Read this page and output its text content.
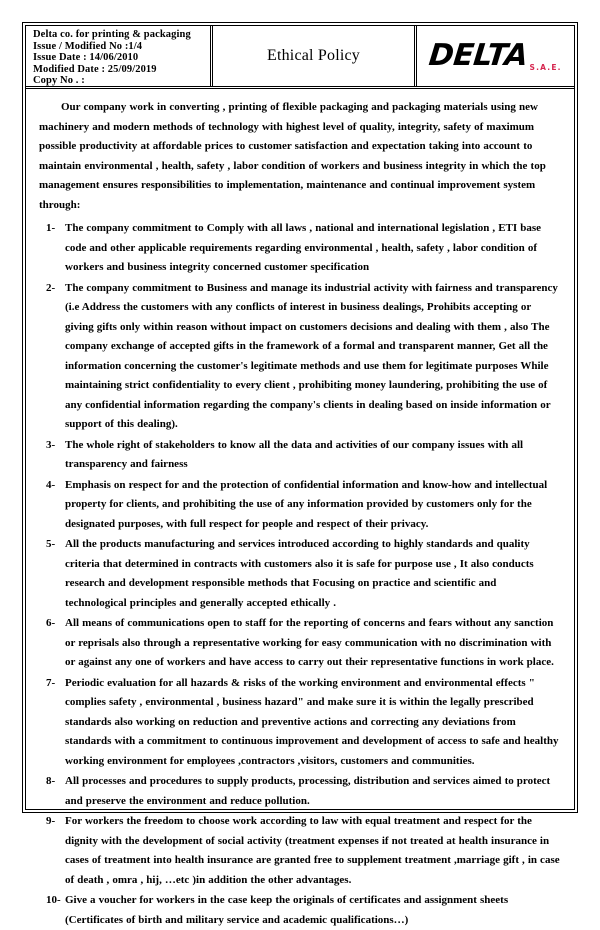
Delta co. for printing & packaging
Issue / Modified No :1/4
Issue Date : 14/06/2010
Modified Date : 25/09/2019
Copy No . :
Ethical Policy DELTA S.A.E.

Our company work in converting , printing of flexible packaging and packaging materials using new machinery and modern methods of technology with highest level of quality, integrity, safety of maximum possible productivity at affordable prices to customer satisfaction and expectation taking into account to maintain environmental , health, safety , labor condition of workers and business integrity in which the top management ensures responsibilities to implementation, maintenance and continual improvement system through:

1- The company commitment to Comply with all laws , national and international legislation , ETI base code and other applicable requirements regarding environmental , health, safety , labor condition of workers and business integrity concerned customer specification
2- The company commitment to Business and manage its industrial activity with fairness and transparency (i.e Address the customers with any conflicts of interest in business dealings, Prohibits accepting or giving gifts only within reason without impact on customers decisions and dealing with them , also The company exchange of accepted gifts in the framework of a formal and transparent manner, Get all the information concerning the customer's legitimate methods and use them for legitimate purposes While maintaining strict confidentiality to every client , prohibiting money laundering, prohibiting the use of any confidential information regarding the company's clients in dealing based on inside information or support of this dealing).
3- The whole right of stakeholders to know all the data and activities of our company issues with all transparency and fairness
4- Emphasis on respect for and the protection of confidential information and know-how and intellectual property for clients, and prohibiting the use of any information provided by customers only for the designated purposes, with full respect for people and respect of their privacy.
5- All the products manufacturing and services introduced according to highly standards and quality criteria that determined in contracts with customers also it is safe for purpose use , It also conducts research and development responsible methods that Focusing on practice and scientific and technological principles and generally accepted ethically .
6- All means of communications open to staff for the reporting of concerns and fears without any sanction or reprisals also through a representative working for easy communication with no discrimination with or against any one of workers and have access to carry out their representative functions in work place.
7- Periodic evaluation for all hazards & risks of the working environment and environmental effects " complies safety , environmental , business hazard" and make sure it is within the legally prescribed standards also working on reduction and preventive actions and correcting any deviations from standards with a commitment to continuous improvement and development of access to safe and healthy working environment for employees ,contractors ,visitors, customers and communities.
8- All processes and procedures to supply products, processing, distribution and services aimed to protect and preserve the environment and reduce pollution.
9- For workers the freedom to choose work according to law with equal treatment and respect for the dignity with the development of social activity (treatment expenses if not treated at health insurance in cases of treatment into health insurance are granted free to supplement treatment ,marriage gift , in case of death , omra , hij, …etc )in addition the other advantages.
10- Give a voucher for workers in the case keep the originals of certificates and assignment sheets (Certificates of birth and military service and academic qualifications…)
